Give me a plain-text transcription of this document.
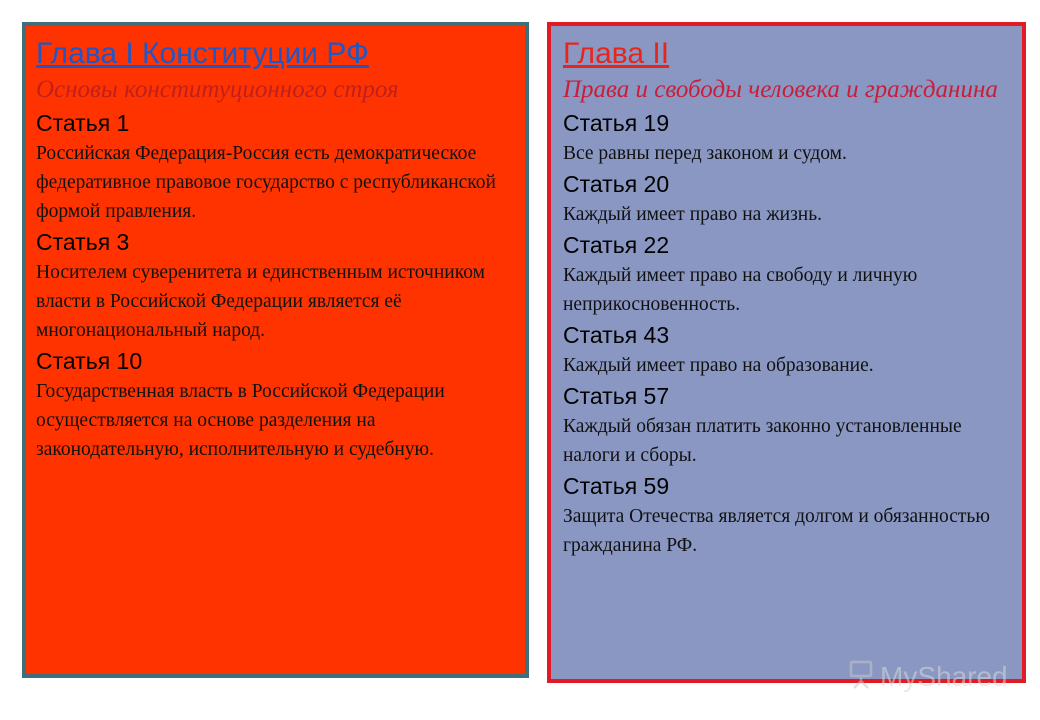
Глава I Конституции РФ

Основы конституционного строя

Статья 1

Российская Федерация-Россия есть демократическое федеративное правовое государство с республиканской формой правления.

Статья 3

Носителем суверенитета и единственным источником власти в Российской Федерации является её многонациональный народ.

Статья 10

Государственная власть в Российской Федерации осуществляется на основе разделения на законодательную, исполнительную и судебную.

Глава II

Права и свободы человека и гражданина

Статья 19

Все равны перед законом и судом.

Статья 20

Каждый имеет право на жизнь.

Статья 22

Каждый имеет право на свободу и личную неприкосновенность.

Статья 43

Каждый имеет право на образование.

Статья 57

Каждый обязан платить законно установленные налоги и сборы.

Статья 59

Защита Отечества является долгом и обязанностью гражданина РФ.

MyShared
